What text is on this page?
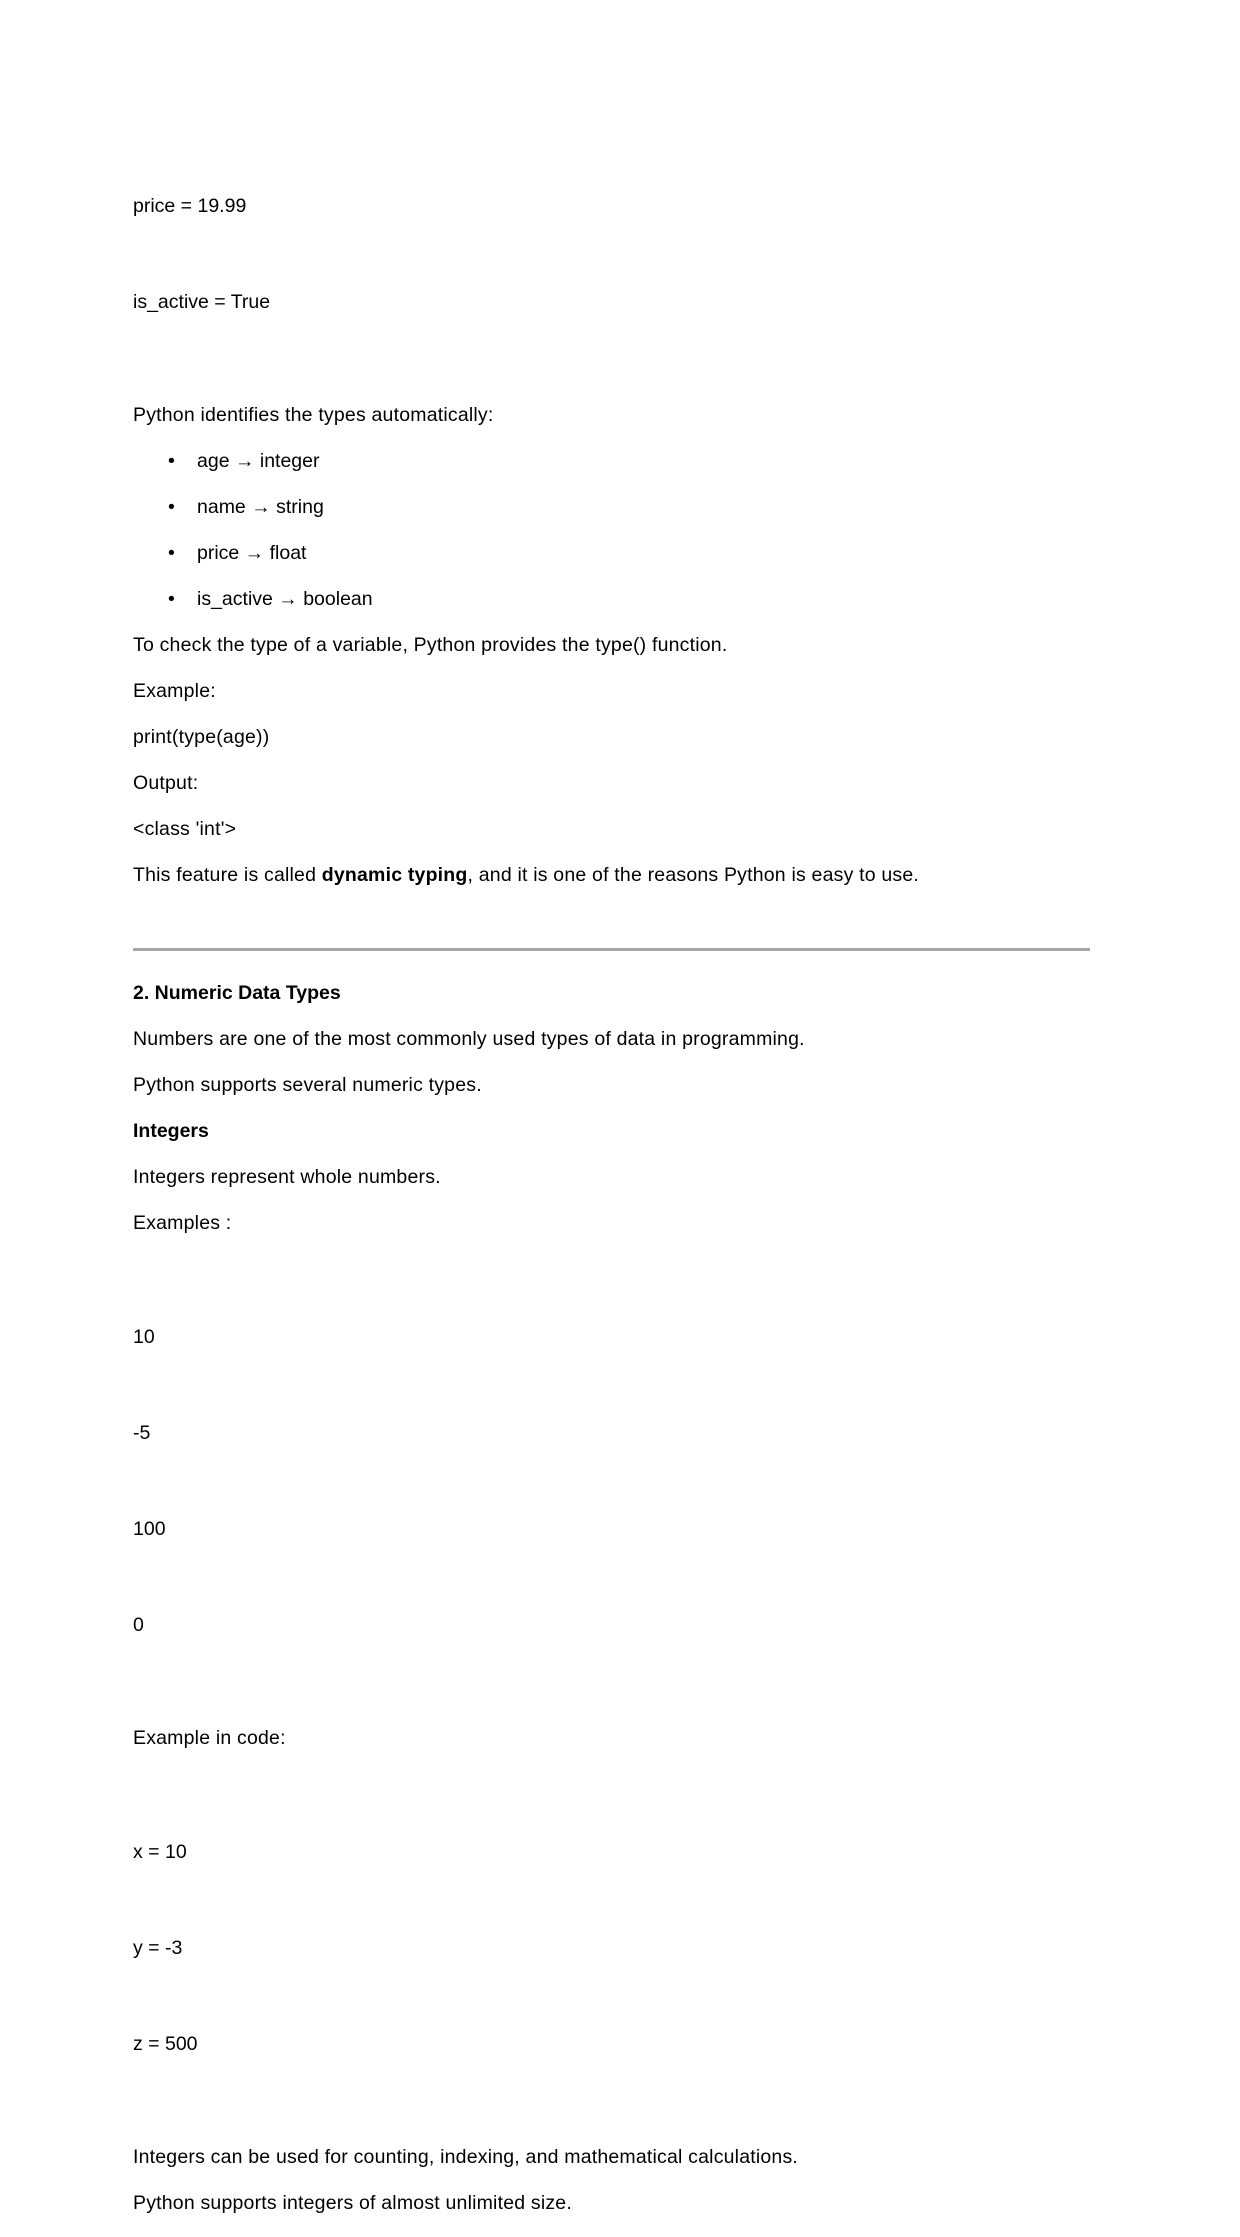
price = 19.99

is_active = True

Python identifies the types automatically:

• age → integer
• name → string
• price → float
• is_active → boolean

To check the type of a variable, Python provides the type() function.

Example:

print(type(age))

Output:

<class 'int'>

This feature is called dynamic typing, and it is one of the reasons Python is easy to use.

2. Numeric Data Types

Numbers are one of the most commonly used types of data in programming.

Python supports several numeric types.

Integers

Integers represent whole numbers.

Examples :

10

-5

100

0

Example in code:

x = 10

y = -3

z = 500

Integers can be used for counting, indexing, and mathematical calculations.

Python supports integers of almost unlimited size.
